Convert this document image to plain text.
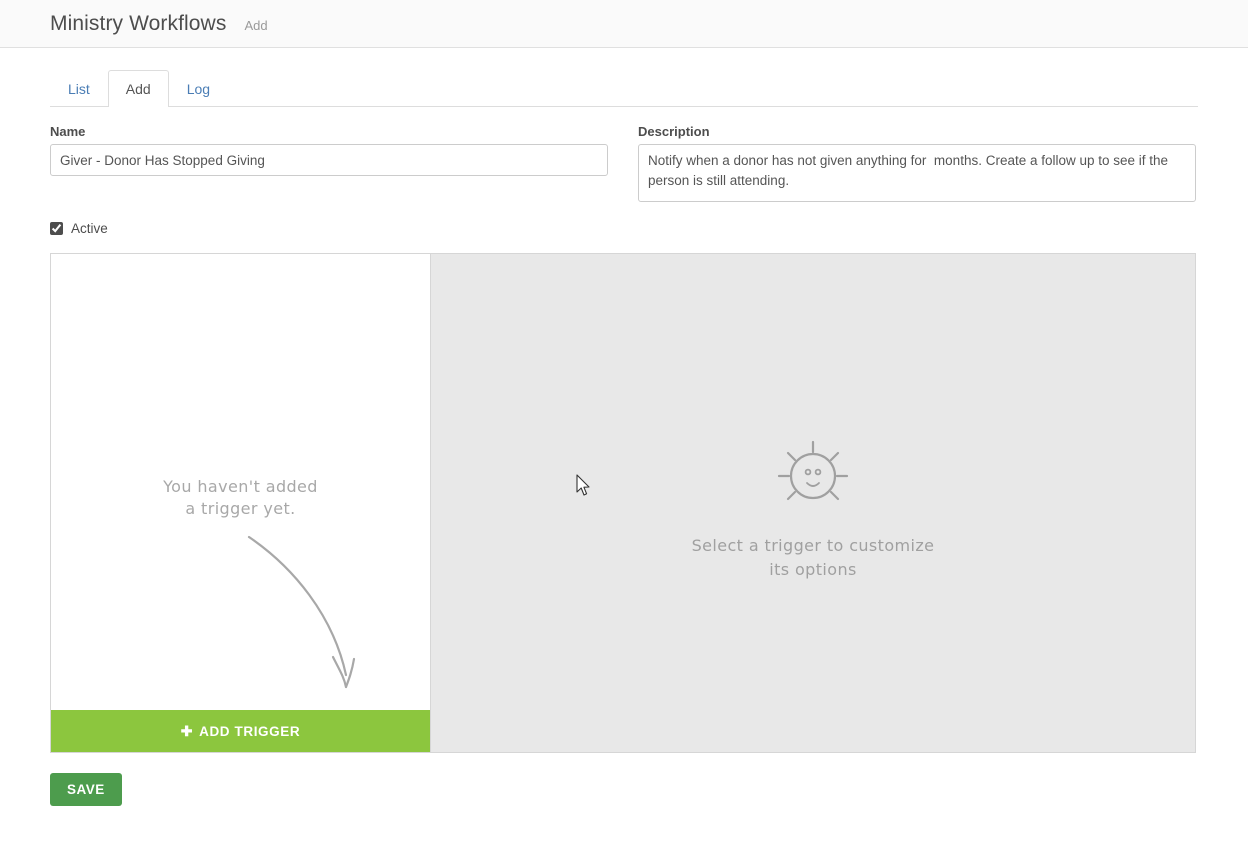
Ministry Workflows Add
List	Add	Log
Name
Giver - Donor Has Stopped Giving	Description
Notify when a donor has not given anything for months. Create a follow up to see if the person is still attending.
Active
You haven't added
a trigger yet.
✚ ADD TRIGGER
Select a trigger to customize
its options
SAVE
